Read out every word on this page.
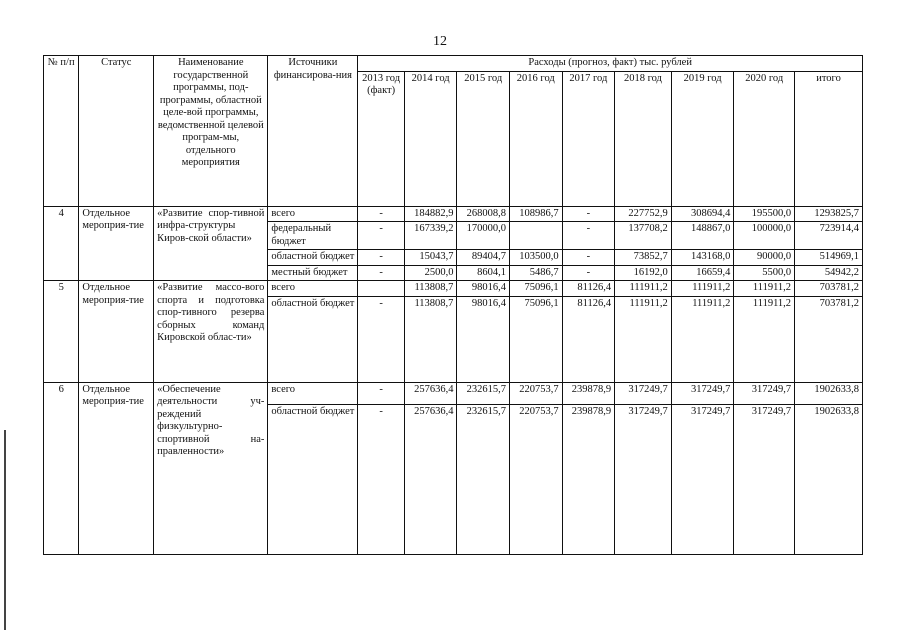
12
№ п/п	Статус	Наименование государственной программы, под-программы, областной целе-вой программы, ведомственной целевой програм-мы, отдельного мероприятия	Источники финансирова-ния	Расходы (прогноз, факт) тыс. рублей								
				2013 год (факт)	2014 год	2015 год	2016 год	2017 год	2018 год	2019 год	2020 год	итого
4	Отдельное мероприя-тие	«Развитие спор-тивной инфра-структуры Киров-ской области»	всего	-	184882,9	268008,8	108986,7	-	227752,9	308694,4	195500,0	1293825,7
			федеральный бюджет	-	167339,2	170000,0		-	137708,2	148867,0	100000,0	723914,4
			областной бюджет	-	15043,7	89404,7	103500,0	-	73852,7	143168,0	90000,0	514969,1
			местный бюджет	-	2500,0	8604,1	5486,7	-	16192,0	16659,4	5500,0	54942,2
5	Отдельное мероприя-тие	«Развитие массо-вого спорта и подготовка спор-тивного резерва сборных команд Кировской облас-ти»	всего		113808,7	98016,4	75096,1	81126,4	111911,2	111911,2	111911,2	703781,2
			областной бюджет	-	113808,7	98016,4	75096,1	81126,4	111911,2	111911,2	111911,2	703781,2
6	Отдельное мероприя-тие	«Обеспечение деятельности уч-реждений физкультурно-спортивной на-правленности»	всего	-	257636,4	232615,7	220753,7	239878,9	317249,7	317249,7	317249,7	1902633,8
			областной бюджет	-	257636,4	232615,7	220753,7	239878,9	317249,7	317249,7	317249,7	1902633,8
